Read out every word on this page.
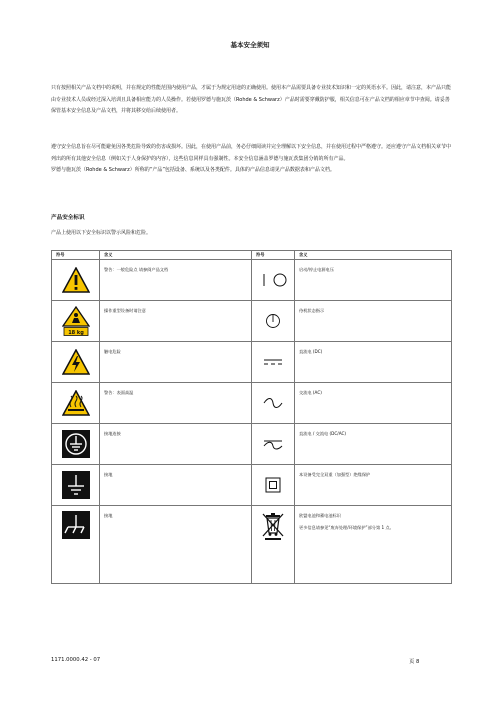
基本安全须知
只有按照相关产品文档中的说明，并在规定的性能范围内使用产品，才属于为规定用途的正确使用。使用本产品需要具备专业技术知识和一定的英语水平。因此，请注意，本产品只能由专业技术人员或经过深入培训且具备相应能力的人员操作。若使用罗德与施瓦茨（Rohde & Schwarz）产品时需要穿戴防护服，相关信息可在产品文档的相应章节中查阅。请妥善保管基本安全信息及产品文档，并将其移交给后续使用者。
遵守安全信息旨在尽可能避免因各类危险导致的伤害或损坏。因此，在使用产品前，务必仔细阅读并完全理解以下安全信息，并在使用过程中严格遵守。还应遵守产品文档相关章节中列出的所有其他安全信息（例如关于人身保护的内容），这些信息同样具有强制性。本安全信息涵盖罗德与施瓦茨集团分销的所有产品。
罗德与施瓦茨（Rohde & Schwarz）所称的“产品”包括设备、系统以及各类配件。具体的产品信息请见产品数据表和产品文档。
产品安全标识
产品上使用以下安全标识以警示风险和危险。
符号	含义	符号	含义

	警告：一般危险点 请参阅产品文档		启动/停止电源电压

18 kg	操作重型设备时请注意		待机状态指示

	触电危险		直流电 (DC)

	警告：表面高温		交流电 (AC)

	接地连接		直流电 / 交流电 (DC/AC)

	接地		本设备受完全双重（加强型）绝缘保护

	接地		欧盟电池和蓄电池标识
更多信息请参见“废弃处理/环境保护”部分第 1 点。
1171.0000.42 - 07	页 8
